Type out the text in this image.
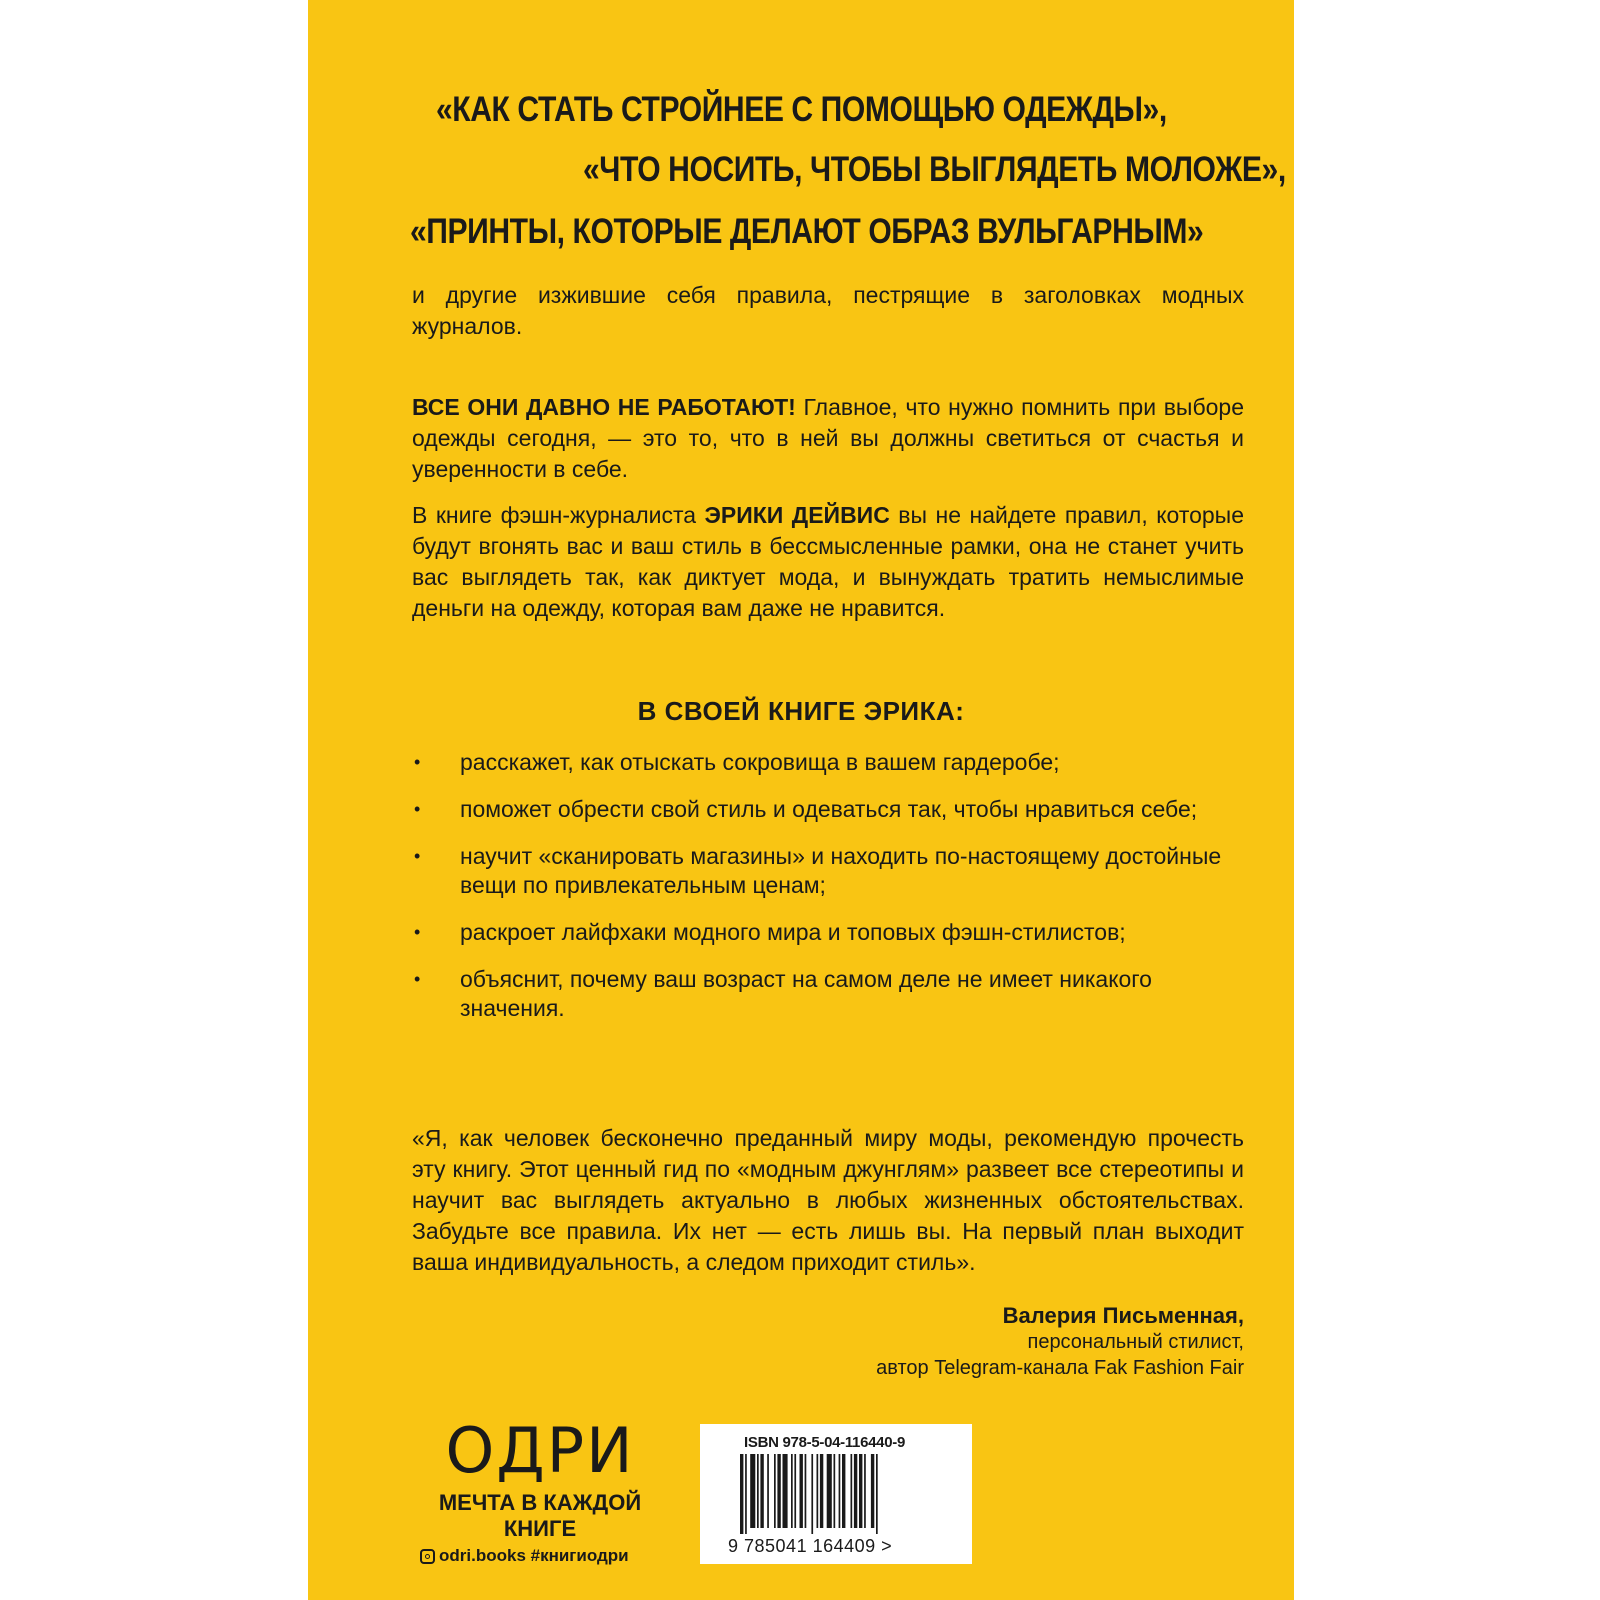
«КАК СТАТЬ СТРОЙНЕЕ С ПОМОЩЬЮ ОДЕЖДЫ»,
«ЧТО НОСИТЬ, ЧТОБЫ ВЫГЛЯДЕТЬ МОЛОЖЕ»,
«ПРИНТЫ, КОТОРЫЕ ДЕЛАЮТ ОБРАЗ ВУЛЬГАРНЫМ»

и другие изжившие себя правила, пестрящие в заголовках модных журналов.

ВСЕ ОНИ ДАВНО НЕ РАБОТАЮТ! Главное, что нужно помнить при выборе одежды сегодня, — это то, что в ней вы должны светиться от счастья и уверенности в себе.

В книге фэшн-журналиста ЭРИКИ ДЕЙВИС вы не найдете правил, которые будут вгонять вас и ваш стиль в бессмысленные рамки, она не станет учить вас выглядеть так, как диктует мода, и вынуждать тратить немыслимые деньги на одежду, которая вам даже не нравится.

В СВОЕЙ КНИГЕ ЭРИКА:
• расскажет, как отыскать сокровища в вашем гардеробе;
• поможет обрести свой стиль и одеваться так, чтобы нравиться себе;
• научит «сканировать магазины» и находить по-настоящему достойные вещи по привлекательным ценам;
• раскроет лайфхаки модного мира и топовых фэшн-стилистов;
• объяснит, почему ваш возраст на самом деле не имеет никакого значения.

«Я, как человек бесконечно преданный миру моды, рекомендую прочесть эту книгу. Этот ценный гид по «модным джунглям» развеет все стереотипы и научит вас выглядеть актуально в любых жизненных обстоятельствах. Забудьте все правила. Их нет — есть лишь вы. На первый план выходит ваша индивидуальность, а следом приходит стиль».

Валерия Письменная,
персональный стилист,
автор Telegram-канала Fak Fashion Fair
ОДРИ
МЕЧТА В КАЖДОЙ КНИГЕ
odri.books #книгиодри
ISBN 978-5-04-116440-9
9 785041 164409 >
